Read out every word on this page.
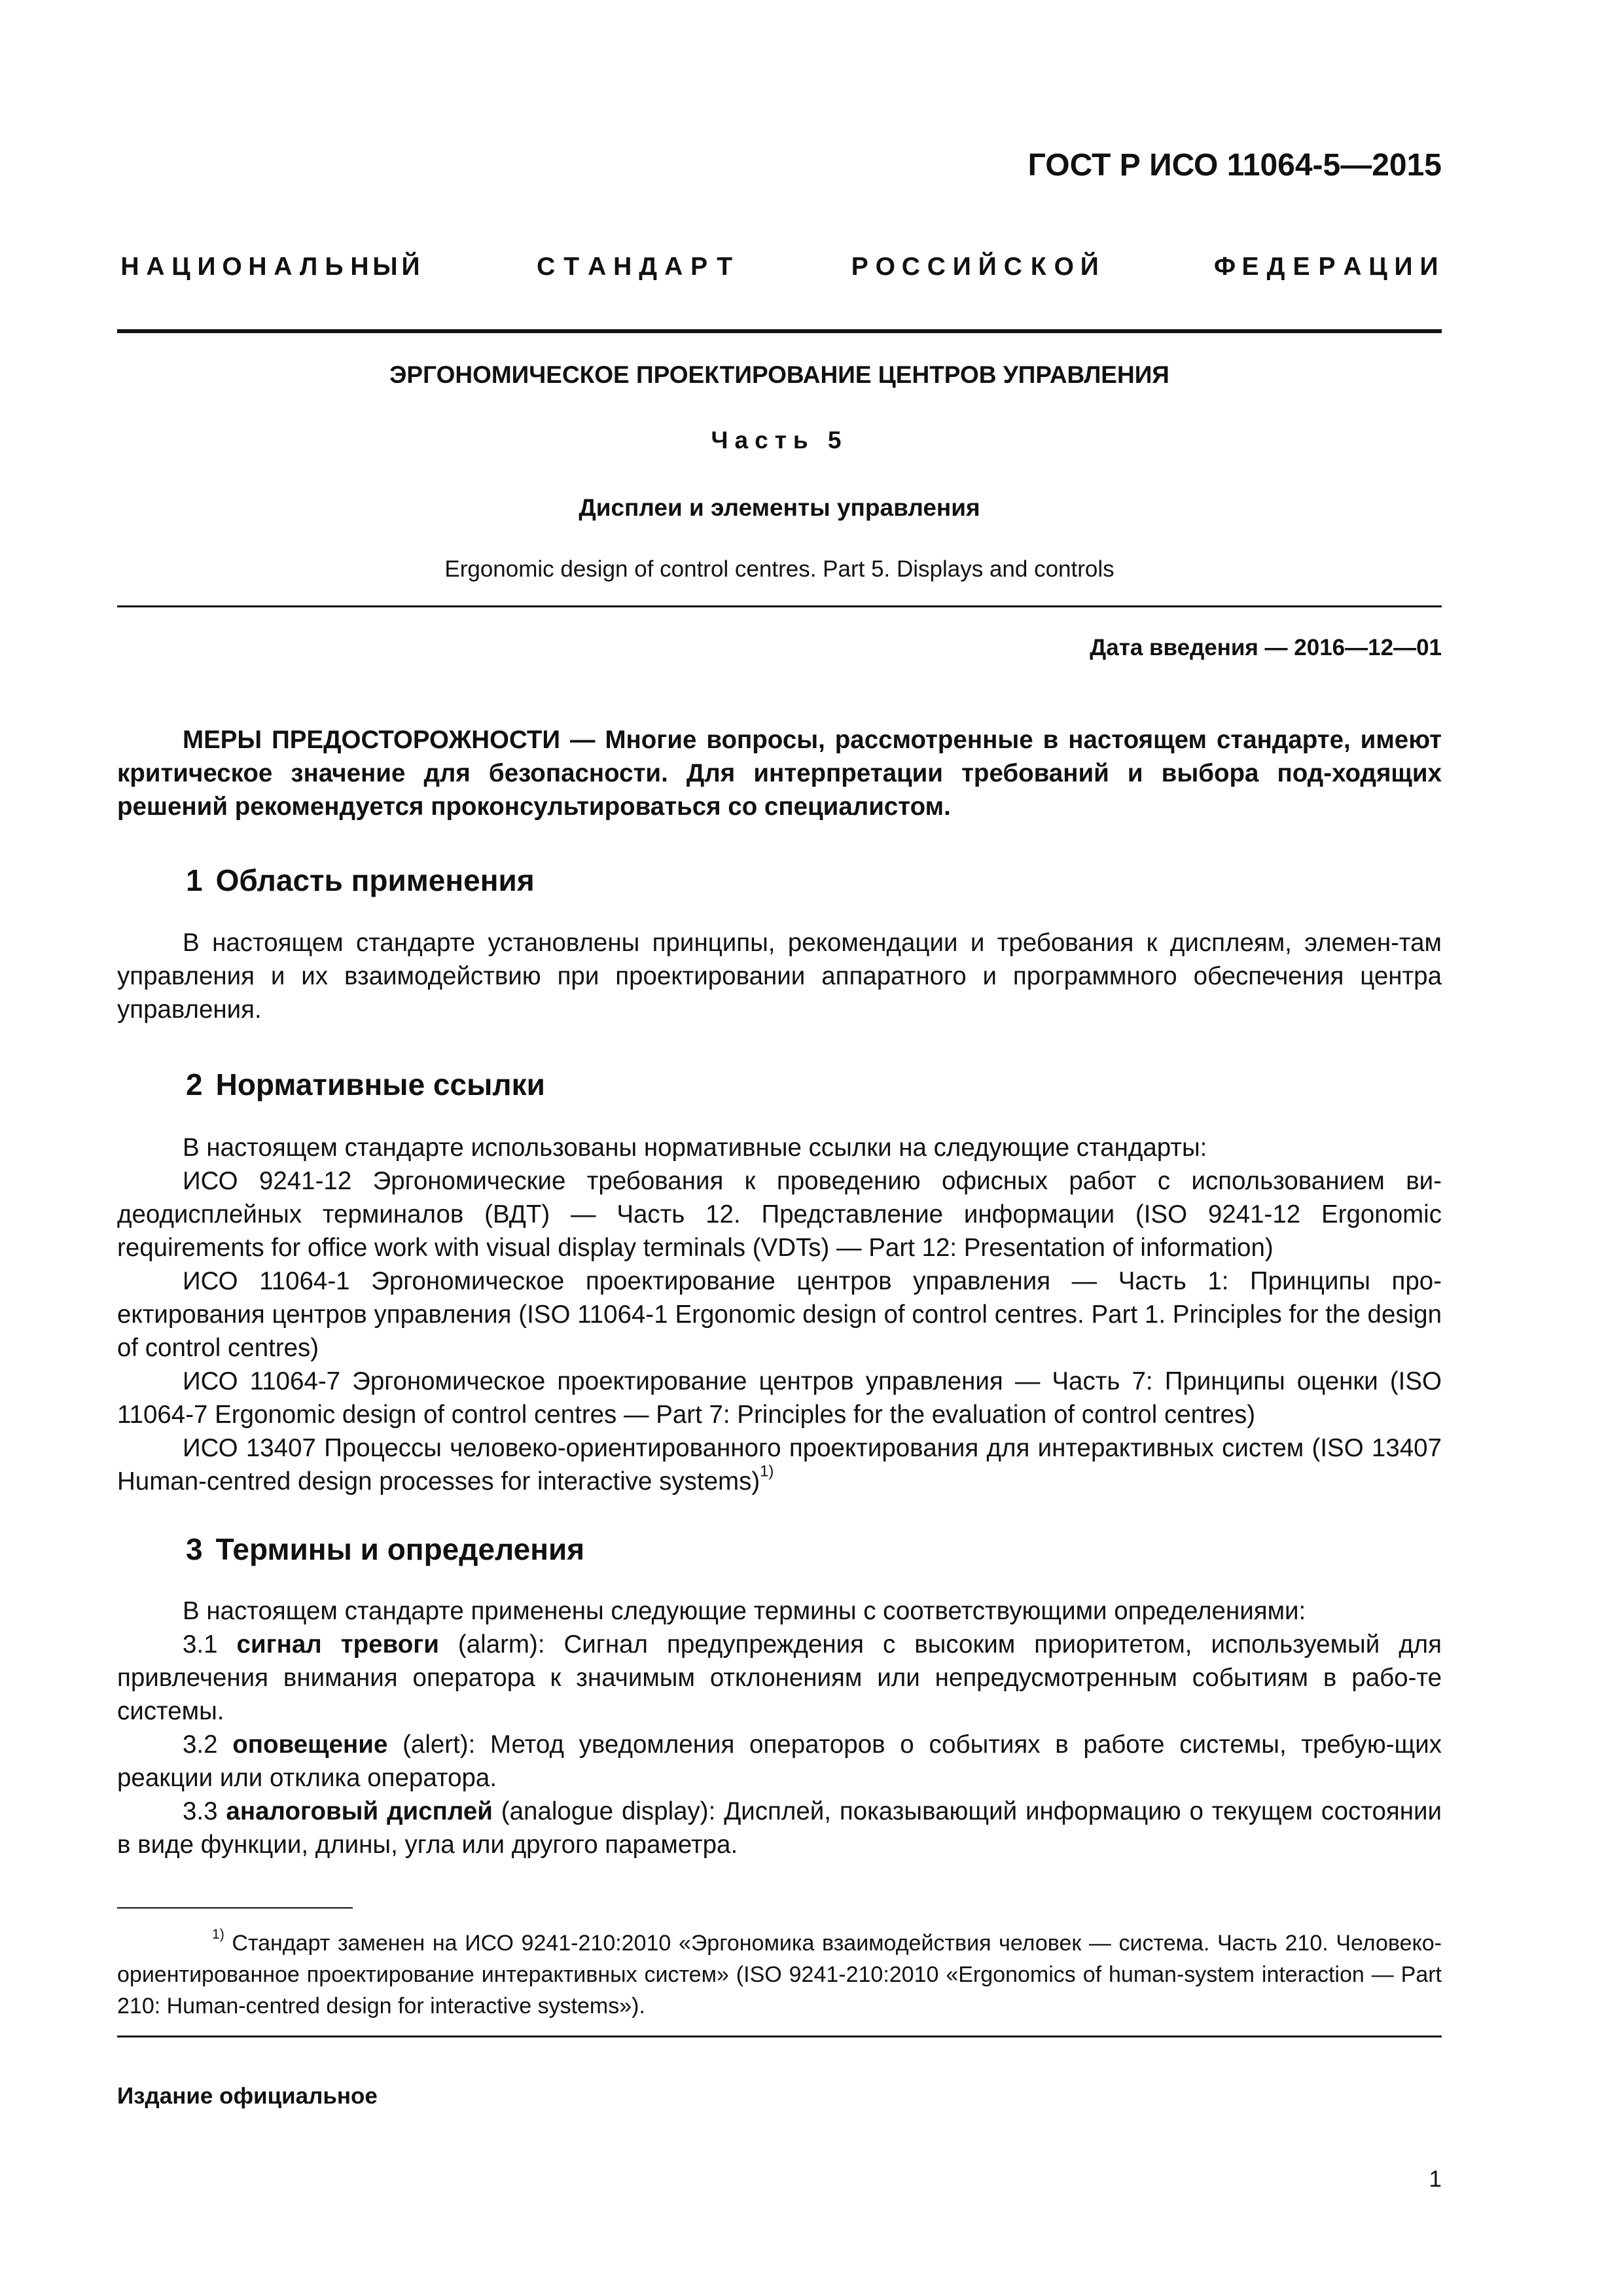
ГОСТ Р ИСО 11064-5—2015
Н А Ц И О Н А Л Ь Н Ы Й	С Т А Н Д А Р Т	Р О С С И Й С К О Й	Ф Е Д Е Р А Ц И И
ЭРГОНОМИЧЕСКОЕ ПРОЕКТИРОВАНИЕ ЦЕНТРОВ УПРАВЛЕНИЯ
Часть 5
Дисплеи и элементы управления
Ergonomic design of control centres. Part 5. Displays and controls
Дата введения — 2016—12—01

МЕРЫ ПРЕДОСТОРОЖНОСТИ — Многие вопросы, рассмотренные в настоящем стандарте, имеют критическое значение для безопасности. Для интерпретации требований и выбора под-ходящих решений рекомендуется проконсультироваться со специалистом.

1 Область применения

В настоящем стандарте установлены принципы, рекомендации и требования к дисплеям, элемен-там управления и их взаимодействию при проектировании аппаратного и программного обеспечения центра управления.

2 Нормативные ссылки

В настоящем стандарте использованы нормативные ссылки на следующие стандарты:

ИСО 9241-12 Эргономические требования к проведению офисных работ с использованием ви-деодисплейных терминалов (ВДТ) — Часть 12. Представление информации (ISO 9241-12 Ergonomic requirements for office work with visual display terminals (VDTs) — Part 12: Presentation of information)

ИСО 11064-1 Эргономическое проектирование центров управления — Часть 1: Принципы про-ектирования центров управления (ISO 11064-1 Ergonomic design of control centres. Part 1. Principles for the design of control centres)

ИСО 11064-7 Эргономическое проектирование центров управления — Часть 7: Принципы оценки (ISO 11064-7 Ergonomic design of control centres — Part 7: Principles for the evaluation of control centres)

ИСО 13407 Процессы человеко-ориентированного проектирования для интерактивных систем (ISO 13407 Human-centred design processes for interactive systems)$^{1)}$

3 Термины и определения

В настоящем стандарте применены следующие термины с соответствующими определениями:

3.1 сигнал тревоги (alarm): Сигнал предупреждения с высоким приоритетом, используемый для привлечения внимания оператора к значимым отклонениям или непредусмотренным событиям в рабо-те системы.

3.2 оповещение (alert): Метод уведомления операторов о событиях в работе системы, требую-щих реакции или отклика оператора.

3.3 аналоговый дисплей (analogue display): Дисплей, показывающий информацию о текущем состоянии в виде функции, длины, угла или другого параметра.

$^{1)}$ Стандарт заменен на ИСО 9241-210:2010 «Эргономика взаимодействия человек — система. Часть 210. Человеко-ориентированное проектирование интерактивных систем» (ISO 9241-210:2010 «Ergonomics of human-system interaction — Part 210: Human-centred design for interactive systems»).

Издание официальное
1
